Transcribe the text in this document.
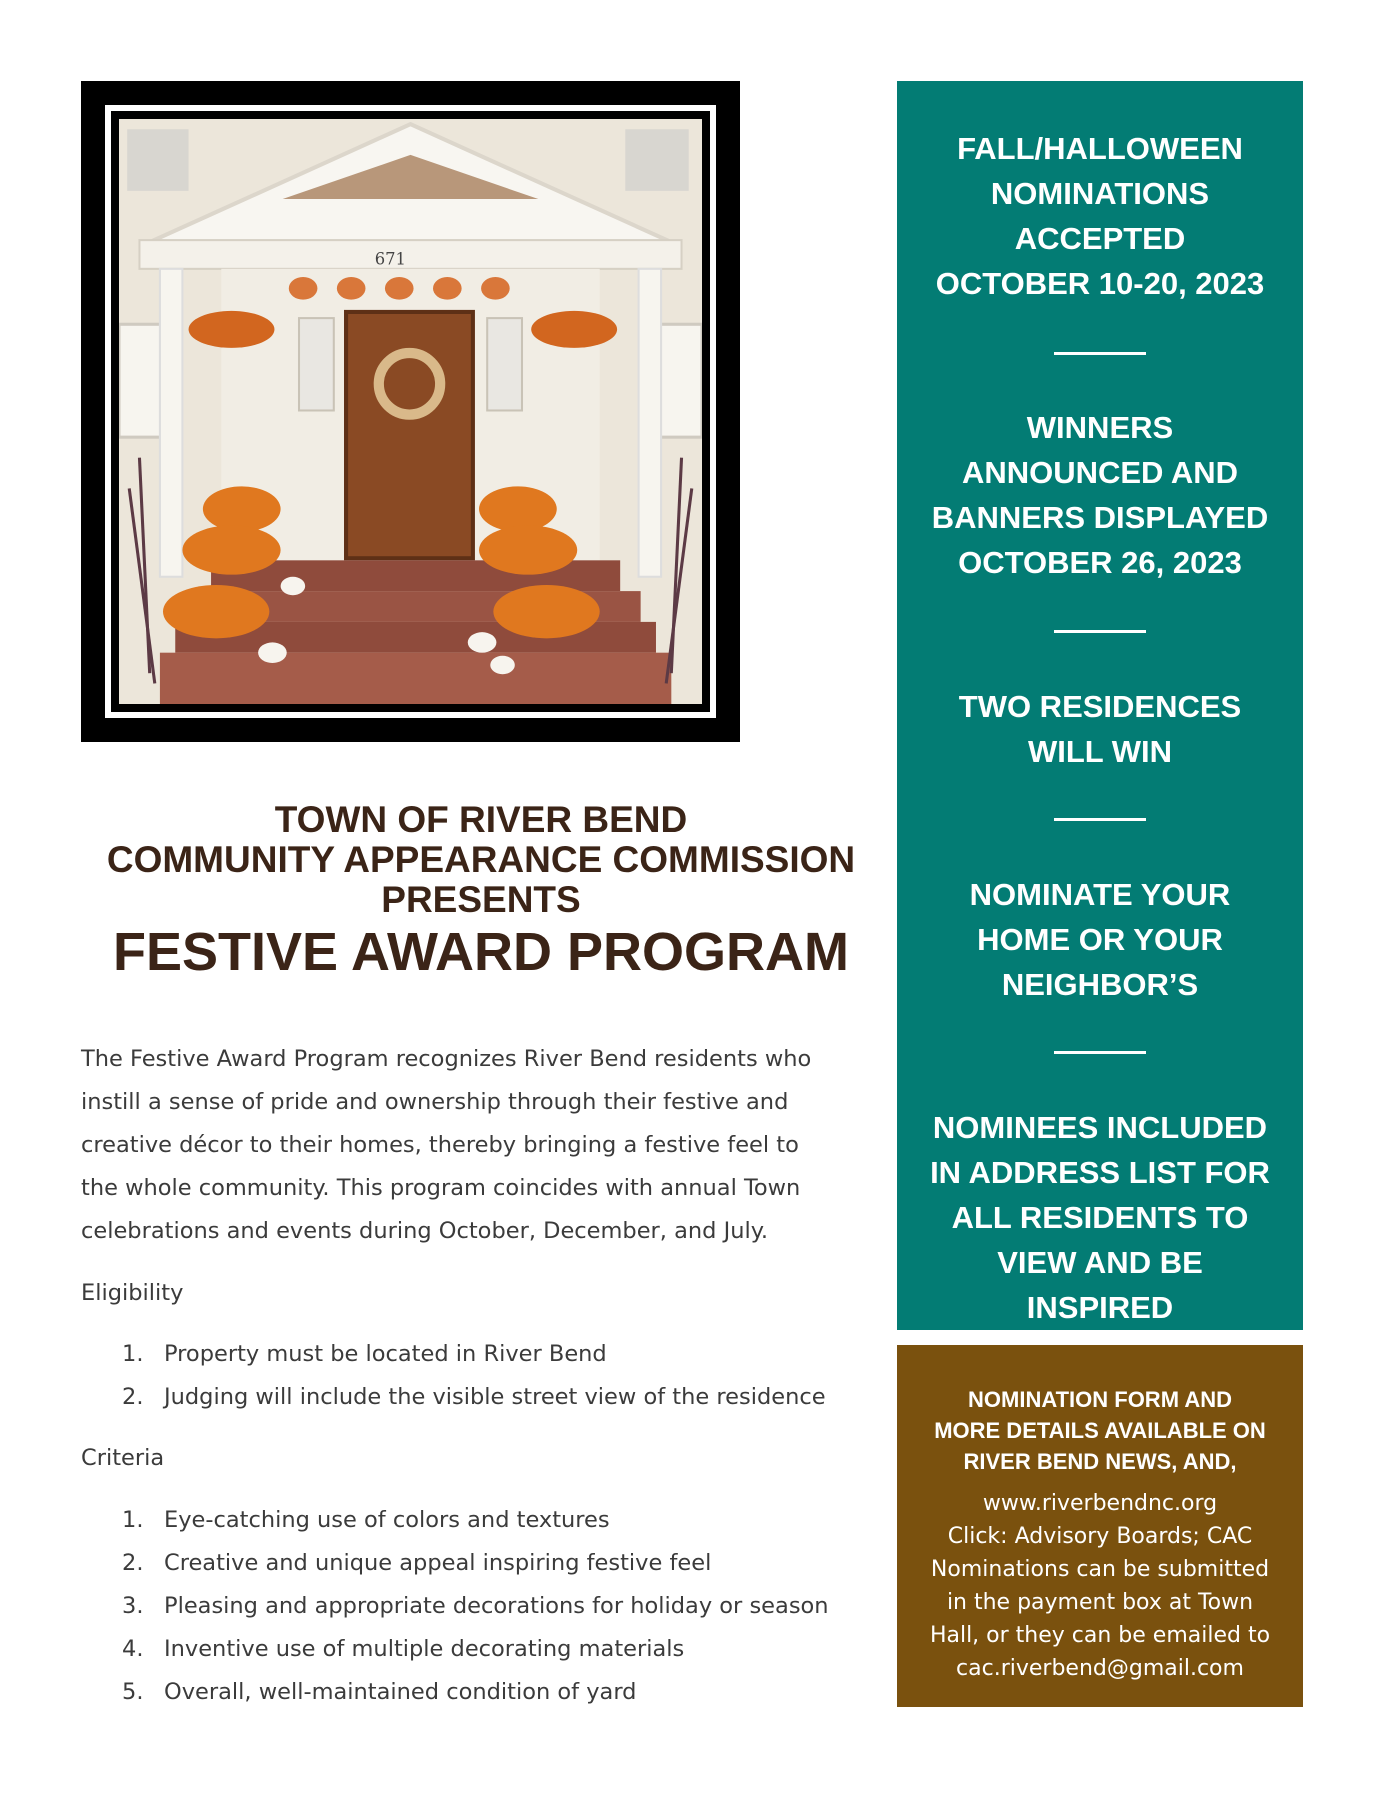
671
TOWN OF RIVER BEND
COMMUNITY APPEARANCE COMMISSION
PRESENTS
FESTIVE AWARD PROGRAM
The Festive Award Program recognizes River Bend residents who
instill a sense of pride and ownership through their festive and
creative décor to their homes, thereby bringing a festive feel to
the whole community. This program coincides with annual Town
celebrations and events during October, December, and July.
Eligibility
1. Property must be located in River Bend
2. Judging will include the visible street view of the residence
Criteria
1. Eye-catching use of colors and textures
2. Creative and unique appeal inspiring festive feel
3. Pleasing and appropriate decorations for holiday or season
4. Inventive use of multiple decorating materials
5. Overall, well-maintained condition of yard
FALL/HALLOWEEN
NOMINATIONS
ACCEPTED
OCTOBER 10-20, 2023
WINNERS
ANNOUNCED AND
BANNERS DISPLAYED
OCTOBER 26, 2023
TWO RESIDENCES
WILL WIN
NOMINATE YOUR
HOME OR YOUR
NEIGHBOR’S
NOMINEES INCLUDED
IN ADDRESS LIST FOR
ALL RESIDENTS TO
VIEW AND BE
INSPIRED
NOMINATION FORM AND
MORE DETAILS AVAILABLE ON
RIVER BEND NEWS, AND,
www.riverbendnc.org
Click: Advisory Boards; CAC
Nominations can be submitted
in the payment box at Town
Hall, or they can be emailed to
cac.riverbend@gmail.com
